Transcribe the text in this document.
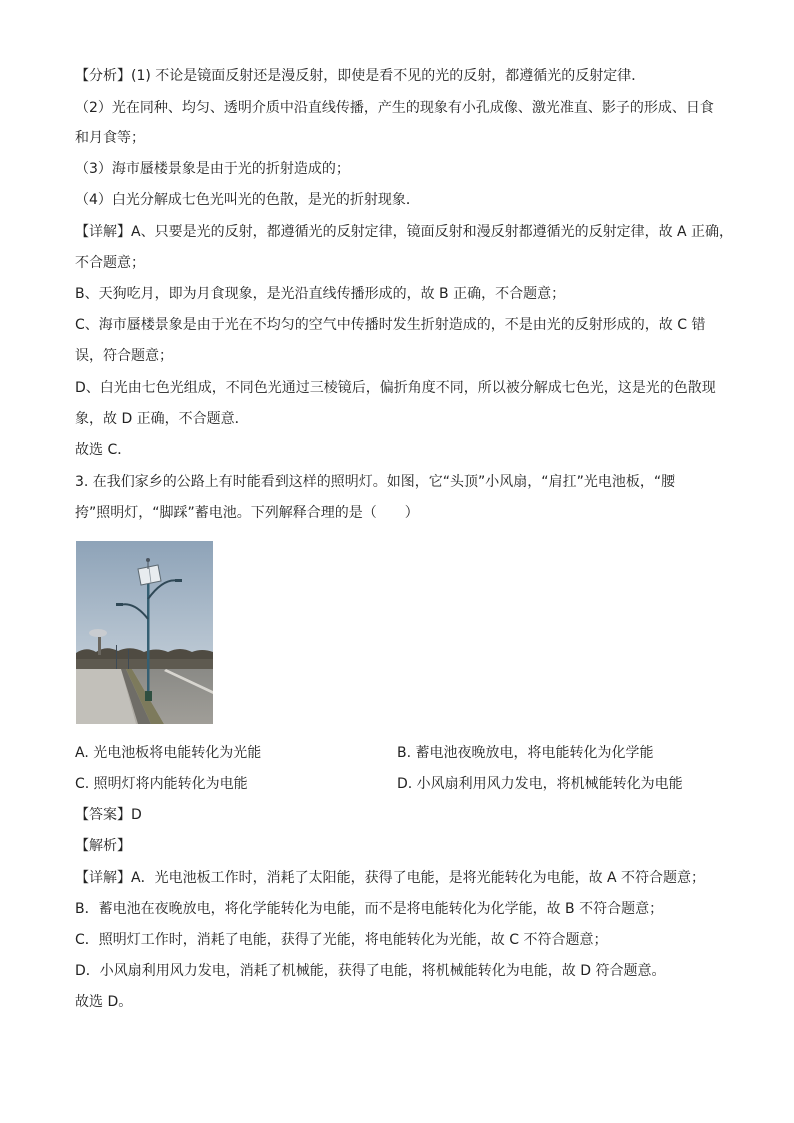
【分析】(1) 不论是镜面反射还是漫反射，即使是看不见的光的反射，都遵循光的反射定律．
（2）光在同种、均匀、透明介质中沿直线传播，产生的现象有小孔成像、激光准直、影子的形成、日食
和月食等；
（3）海市蜃楼景象是由于光的折射造成的；
（4）白光分解成七色光叫光的色散，是光的折射现象．
【详解】A、只要是光的反射，都遵循光的反射定律，镜面反射和漫反射都遵循光的反射定律，故 A 正确，
不合题意；
B、天狗吃月，即为月食现象，是光沿直线传播形成的，故 B 正确，不合题意；
C、海市蜃楼景象是由于光在不均匀的空气中传播时发生折射造成的，不是由光的反射形成的，故 C 错
误，符合题意；
D、白光由七色光组成，不同色光通过三棱镜后，偏折角度不同，所以被分解成七色光，这是光的色散现
象，故 D 正确，不合题意．
故选 C．
3. 在我们家乡的公路上有时能看到这样的照明灯。如图，它“头顶”小风扇，“肩扛”光电池板，“腰
挎”照明灯，“脚踩”蓄电池。下列解释合理的是（　　）
A. 光电池板将电能转化为光能	B. 蓄电池夜晚放电，将电能转化为化学能
C. 照明灯将内能转化为电能	D. 小风扇利用风力发电，将机械能转化为电能
【答案】D
【解析】
【详解】A．光电池板工作时，消耗了太阳能，获得了电能，是将光能转化为电能，故 A 不符合题意；
B．蓄电池在夜晚放电，将化学能转化为电能，而不是将电能转化为化学能，故 B 不符合题意；
C．照明灯工作时，消耗了电能，获得了光能，将电能转化为光能，故 C 不符合题意；
D．小风扇利用风力发电，消耗了机械能，获得了电能，将机械能转化为电能，故 D 符合题意。
故选 D。
